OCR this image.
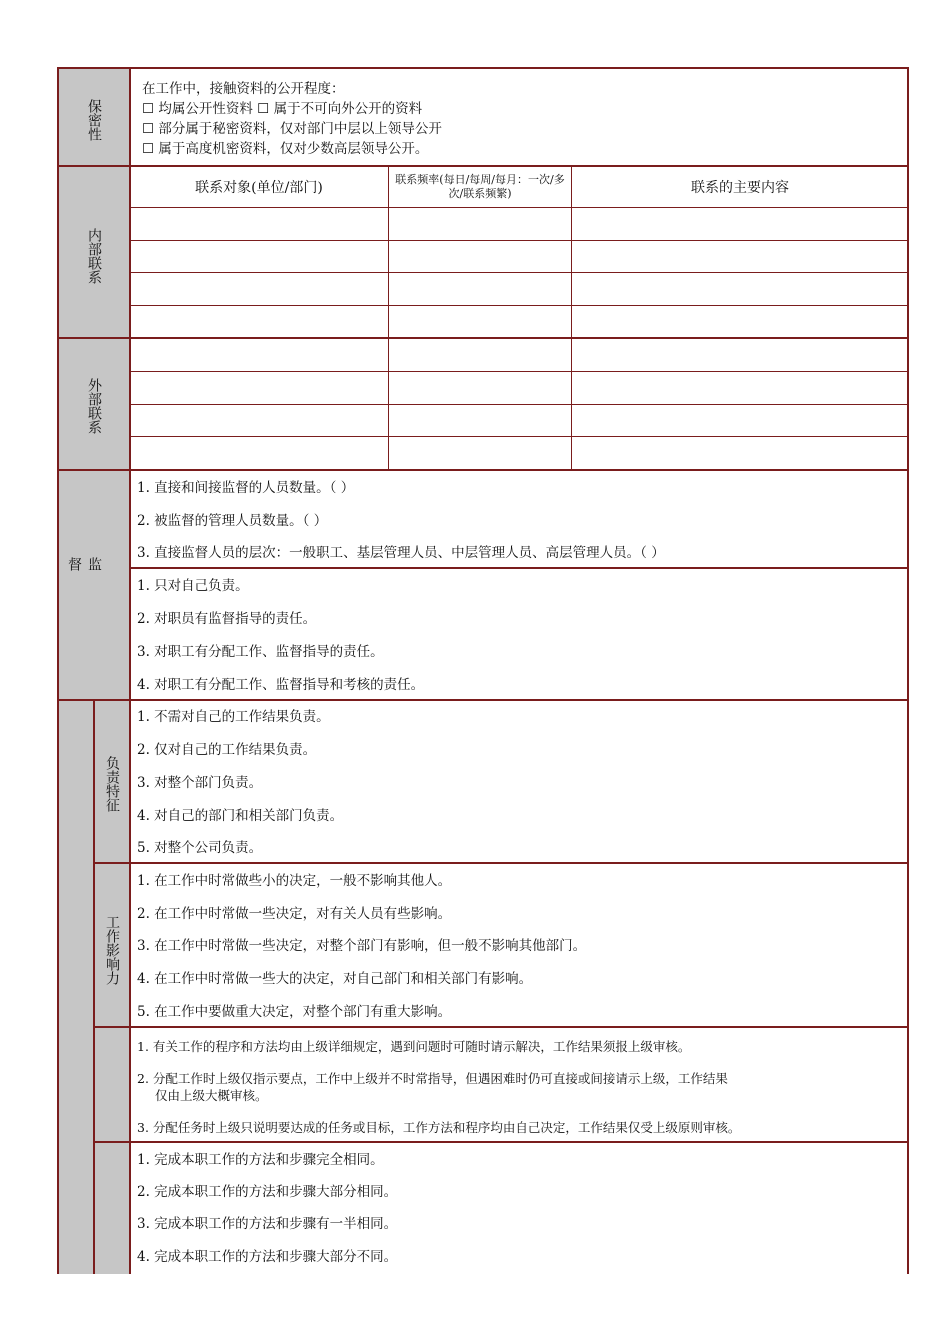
保密性
在工作中，接触资料的公开程度：
☐ 均属公开性资料 ☐ 属于不可向外公开的资料
☐ 部分属于秘密资料，仅对部门中层以上领导公开
☐ 属于高度机密资料，仅对少数高层领导公开。
联系对象(单位/部门)
联系频率(每日/每周/每月：一次/多次/联系频繁)	联系的主要内容
内部联系
外部联系
监督
1. 直接和间接监督的人员数量。（ ）
2. 被监督的管理人员数量。（ ）
3. 直接监督人员的层次：一般职工、基层管理人员、中层管理人员、高层管理人员。（ ）
1. 只对自己负责。
2. 对职员有监督指导的责任。
3. 对职工有分配工作、监督指导的责任。
4. 对职工有分配工作、监督指导和考核的责任。
负责特征
1. 不需对自己的工作结果负责。
2. 仅对自己的工作结果负责。
3. 对整个部门负责。
4. 对自己的部门和相关部门负责。
5. 对整个公司负责。
工作影响力
1. 在工作中时常做些小的决定，一般不影响其他人。
2. 在工作中时常做一些决定，对有关人员有些影响。
3. 在工作中时常做一些决定，对整个部门有影响，但一般不影响其他部门。
4. 在工作中时常做一些大的决定，对自己部门和相关部门有影响。
5. 在工作中要做重大决定，对整个部门有重大影响。
1. 有关工作的程序和方法均由上级详细规定，遇到问题时可随时请示解决，工作结果须报上级审核。
2. 分配工作时上级仅指示要点，工作中上级并不时常指导，但遇困难时仍可直接或间接请示上级，工作结果
仅由上级大概审核。
3. 分配任务时上级只说明要达成的任务或目标，工作方法和程序均由自己决定，工作结果仅受上级原则审核。
1. 完成本职工作的方法和步骤完全相同。
2. 完成本职工作的方法和步骤大部分相同。
3. 完成本职工作的方法和步骤有一半相同。
4. 完成本职工作的方法和步骤大部分不同。
